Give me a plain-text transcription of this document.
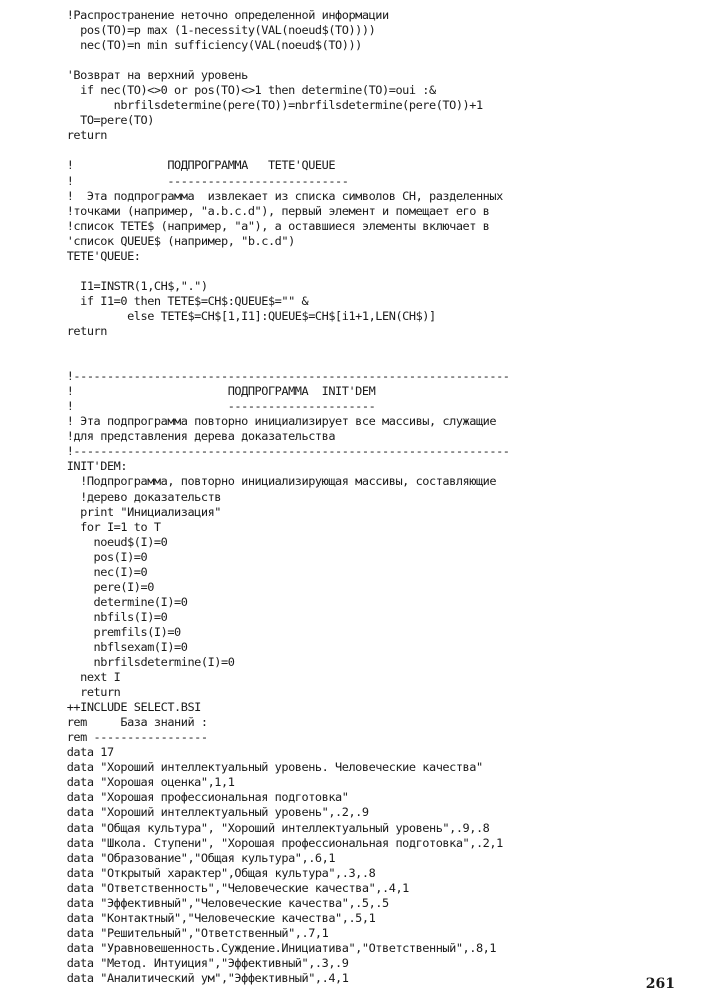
!Распространение неточно определенной информации
pos(TO)=p max (1-necessity(VAL(noeud$(TO))))
nec(TO)=n min sufficiency(VAL(noeud$(TO)))
'Возврат на верхний уровень
if nec(TO)<>0 or pos(TO)<>1 then determine(TO)=oui :&
nbrfilsdetermine(pere(TO))=nbrfilsdetermine(pere(TO))+1
TO=pere(TO)
return
!              ПОДПРОГРАММА   TETE'QUEUE
!              ---------------------------
!  Эта подпрограмма  извлекает из списка символов CH, разделенных
!точками (например, "a.b.c.d"), первый элемент и помещает его в
!список TETE$ (например, "a"), а оставшиеся элементы включает в
'список QUEUE$ (например, "b.c.d")
TETE'QUEUE:
I1=INSTR(1,CH$,".")
if I1=0 then TETE$=CH$:QUEUE$="" &
else TETE$=CH$[1,I1]:QUEUE$=CH$[i1+1,LEN(CH$)]
return
!-----------------------------------------------------------------
!                       ПОДПРОГРАММА  INIT'DEM
!                       ----------------------
! Эта подпрограмма повторно инициализирует все массивы, служащие
!для представления дерева доказательства
!-----------------------------------------------------------------
INIT'DEM:
!Подпрограмма, повторно инициализирующая массивы, составляющие
!дерево доказательств
print "Инициализация"
for I=1 to T
noeud$(I)=0
pos(I)=0
nec(I)=0
pere(I)=0
determine(I)=0
nbfils(I)=0
premfils(I)=0
nbflsexam(I)=0
nbrfilsdetermine(I)=0
next I
return
++INCLUDE SELECT.BSI
rem     База знаний :
rem -----------------
data 17
data "Хороший интеллектуальный уровень. Человеческие качества"
data "Хорошая оценка",1,1
data "Хорошая профессиональная подготовка"
data "Хороший интеллектуальный уровень",.2,.9
data "Общая культура", "Хороший интеллектуальный уровень",.9,.8
data "Школа. Ступени", "Хорошая профессиональная подготовка",.2,1
data "Образование","Общая культура",.6,1
data "Открытый характер",Общая культура",.3,.8
data "Ответственность","Человеческие качества",.4,1
data "Эффективный","Человеческие качества",.5,.5
data "Контактный","Человеческие качества",.5,1
data "Решительный","Ответственный",.7,1
data "Уравновешенность.Суждение.Инициатива","Ответственный",.8,1
data "Метод. Интуиция","Эффективный",.3,.9
data "Аналитический ум","Эффективный",.4,1	261
